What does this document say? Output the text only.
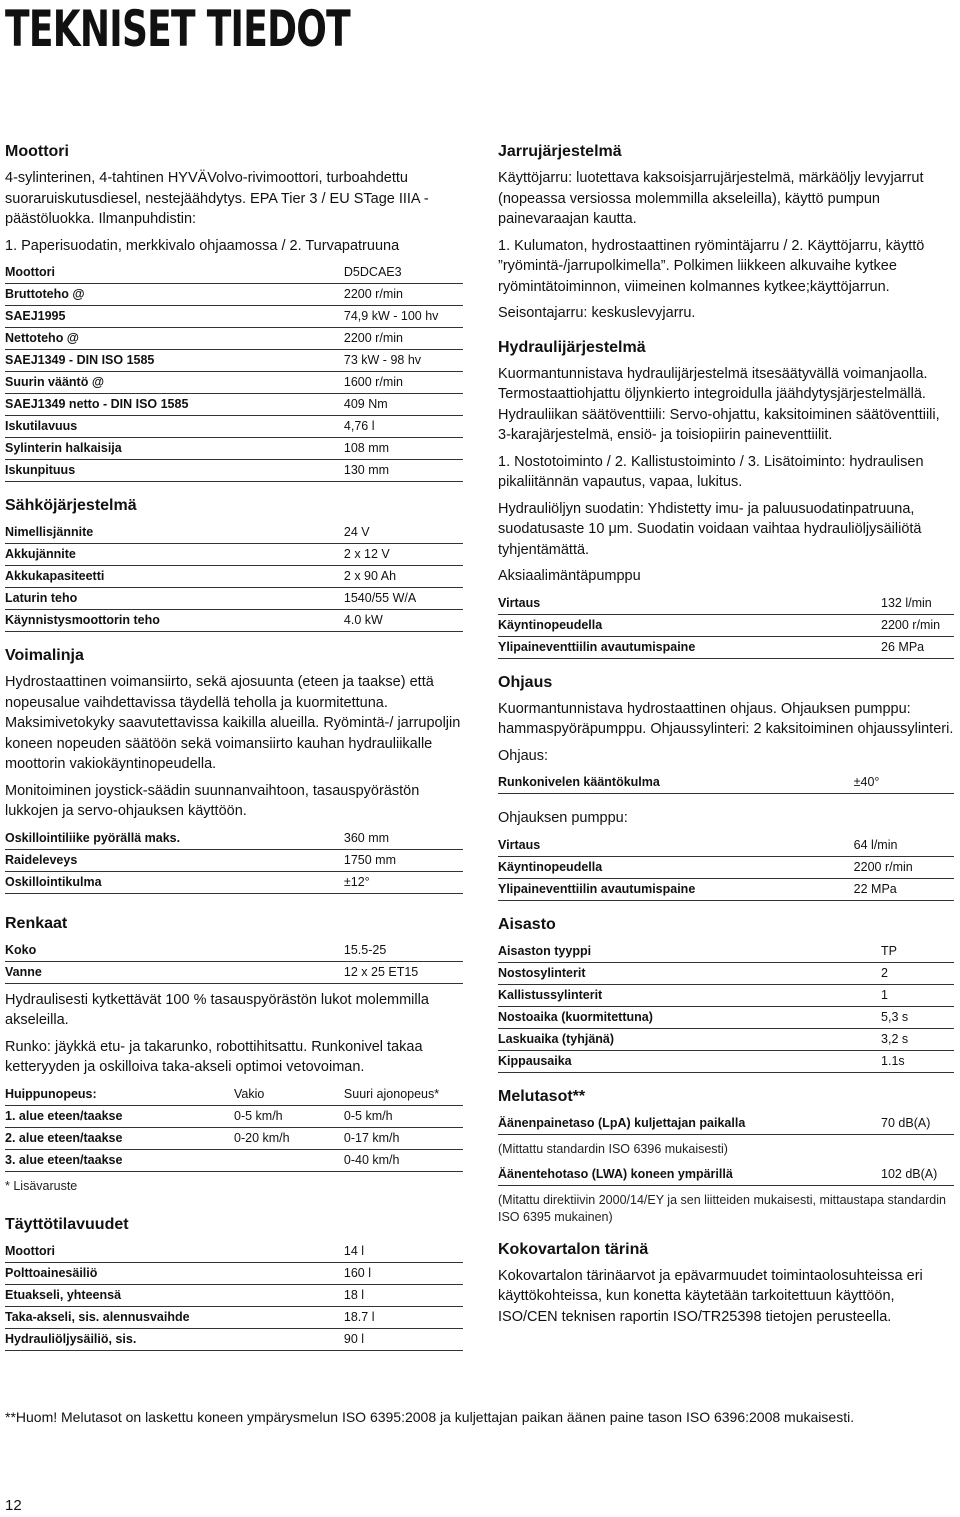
TEKNISET TIEDOT
Moottori

4-sylinterinen, 4-tahtinen HYVÄVolvo-rivimoottori, turboahdettu suoraruiskutusdiesel, nestejäähdytys. EPA Tier 3 / EU STage IIIA -päästöluokka. Ilmanpuhdistin:

1. Paperisuodatin, merkkivalo ohjaamossa / 2. Turvapatruuna

Moottori	D5DCAE3
Bruttoteho @	2200 r/min
SAEJ1995	74,9 kW - 100 hv
Nettoteho @	2200 r/min
SAEJ1349 - DIN ISO 1585	73 kW - 98 hv
Suurin vääntö @	1600 r/min
SAEJ1349 netto - DIN ISO 1585	409 Nm
Iskutilavuus	4,76 l
Sylinterin halkaisija	108 mm
Iskunpituus	130 mm
Sähköjärjestelmä
Nimellisjännite	24 V
Akkujännite	2 x 12 V
Akkukapasiteetti	2 x 90 Ah
Laturin teho	1540/55 W/A
Käynnistysmoottorin teho	4.0 kW
Voimalinja

Hydrostaattinen voimansiirto, sekä ajosuunta (eteen ja taakse) että nopeusalue vaihdettavissa täydellä teholla ja kuormitettuna. Maksimivetokyky saavutettavissa kaikilla alueilla. Ryömintä-/ jarrupoljin koneen nopeuden säätöön sekä voimansiirto kauhan hydrauliikalle moottorin vakiokäyntinopeudella.

Monitoiminen joystick-säädin suunnanvaihtoon, tasauspyörästön lukkojen ja servo-ohjauksen käyttöön.

Oskillointiliike pyörällä maks.	360 mm
Raideleveys	1750 mm
Oskillointikulma	±12°
Renkaat
Koko	15.5-25
Vanne	12 x 25 ET15

Hydraulisesti kytkettävät 100 % tasauspyörästön lukot molemmilla akseleilla.

Runko: jäykkä etu- ja takarunko, robottihitsattu. Runkonivel takaa ketteryyden ja oskilloiva taka-akseli optimoi vetovoiman.

Huippunopeus:	Vakio	Suuri ajonopeus*
1. alue eteen/taakse	0-5 km/h	0-5 km/h
2. alue eteen/taakse	0-20 km/h	0-17 km/h
3. alue eteen/taakse		0-40 km/h

* Lisävaruste

Täyttötilavuudet
Moottori	14 l
Polttoainesäiliö	160 l
Etuakseli, yhteensä	18 l
Taka-akseli, sis. alennusvaihde	18.7 l
Hydrauliöljysäiliö, sis.	90 l
Jarrujärjestelmä

Käyttöjarru: luotettava kaksoisjarrujärjestelmä, märkäöljy levyjarrut (nopeassa versiossa molemmilla akseleilla), käyttö pumpun painevaraajan kautta.

1. Kulumaton, hydrostaattinen ryömintäjarru / 2. Käyttöjarru, käyttö ”ryömintä-/jarrupolkimella”. Polkimen liikkeen alkuvaihe kytkee ryömintätoiminnon, viimeinen kolmannes kytkee;käyttöjarrun.

Seisontajarru: keskuslevyjarru.

Hydraulijärjestelmä

Kuormantunnistava hydraulijärjestelmä itsesäätyvällä voimanjaolla. Termostaattiohjattu öljynkierto integroidulla jäähdytysjärjestelmällä. Hydrauliikan säätöventtiili: Servo-ohjattu, kaksitoiminen säätöventtiili, 3-karajärjestelmä, ensiö- ja toisiopiirin paineventtiilit.

1. Nostotoiminto / 2. Kallistustoiminto / 3. Lisätoiminto: hydraulisen pikaliitännän vapautus, vapaa, lukitus.

Hydrauliöljyn suodatin: Yhdistetty imu- ja paluusuodatinpatruuna, suodatusaste 10 μm. Suodatin voidaan vaihtaa hydrauliöljysäiliötä tyhjentämättä.

Aksiaalimäntäpumppu

Virtaus	132 l/min
Käyntinopeudella	2200 r/min
Ylipaineventtiilin avautumispaine	26 MPa
Ohjaus

Kuormantunnistava hydrostaattinen ohjaus. Ohjauksen pumppu: hammaspyöräpumppu. Ohjaussylinteri: 2 kaksitoiminen ohjaussylinteri.

Ohjaus:

Runkonivelen kääntökulma	±40°

Ohjauksen pumppu:

Virtaus	64 l/min
Käyntinopeudella	2200 r/min
Ylipaineventtiilin avautumispaine	22 MPa
Aisasto
Aisaston tyyppi	TP
Nostosylinterit	2
Kallistussylinterit	1
Nostoaika (kuormitettuna)	5,3 s
Laskuaika (tyhjänä)	3,2 s
Kippausaika	1.1s
Melutasot**
Äänenpainetaso (LpA) kuljettajan paikalla	70 dB(A)

(Mittattu standardin ISO 6396 mukaisesti)

Äänentehotaso (LWA) koneen ympärillä	102 dB(A)

(Mitattu direktiivin 2000/14/EY ja sen liitteiden mukaisesti, mittaustapa standardin ISO 6395 mukainen)

Kokovartalon tärinä

Kokovartalon tärinäarvot ja epävarmuudet toimintaolosuhteissa eri käyttökohteissa, kun konetta käytetään tarkoitettuun käyttöön, ISO/CEN teknisen raportin ISO/TR25398 tietojen perusteella.

**Huom! Melutasot on laskettu koneen ympärysmelun ISO 6395:2008 ja kuljettajan paikan äänen paine tason ISO 6396:2008 mukaisesti.

12
